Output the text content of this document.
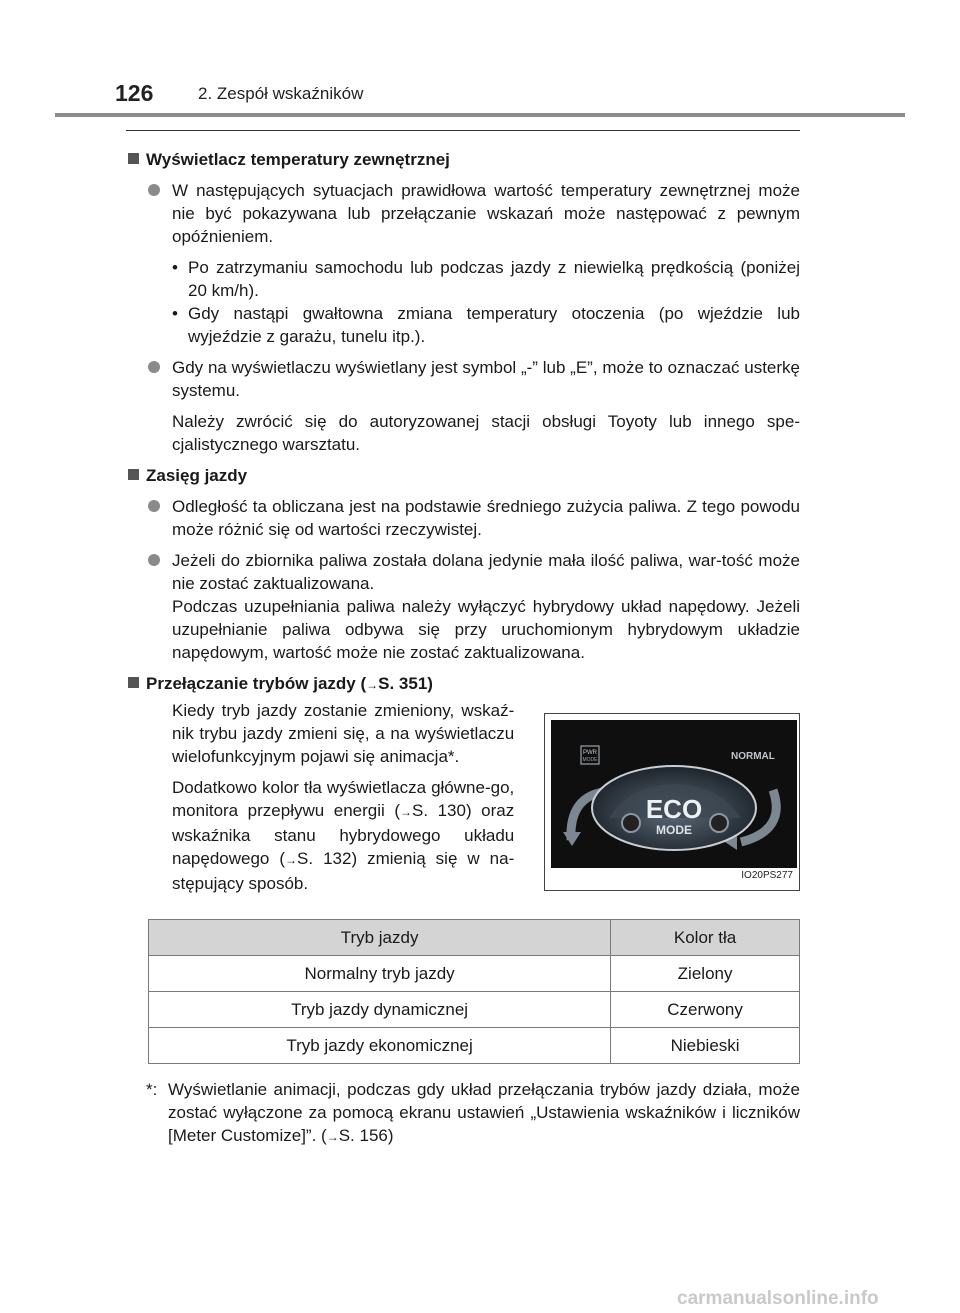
126	2. Zespół wskaźników
Wyświetlacz temperatury zewnętrznej
W następujących sytuacjach prawidłowa wartość temperatury zewnętrznej może nie być pokazywana lub przełączanie wskazań może następować z pewnym opóźnieniem.
• Po zatrzymaniu samochodu lub podczas jazdy z niewielką prędkością (poniżej 20 km/h).
• Gdy nastąpi gwałtowna zmiana temperatury otoczenia (po wjeździe lub wyjeździe z garażu, tunelu itp.).
Gdy na wyświetlaczu wyświetlany jest symbol „-” lub „E”, może to oznaczać usterkę systemu.
Należy zwrócić się do autoryzowanej stacji obsługi Toyoty lub innego spe-cjalistycznego warsztatu.
Zasięg jazdy
Odległość ta obliczana jest na podstawie średniego zużycia paliwa. Z tego powodu może różnić się od wartości rzeczywistej.
Jeżeli do zbiornika paliwa została dolana jedynie mała ilość paliwa, war-tość może nie zostać zaktualizowana.
Podczas uzupełniania paliwa należy wyłączyć hybrydowy układ napędowy. Jeżeli uzupełnianie paliwa odbywa się przy uruchomionym hybrydowym układzie napędowym, wartość może nie zostać zaktualizowana.
Przełączanie trybów jazdy (→S. 351)

Kiedy tryb jazdy zostanie zmieniony, wskaź-nik trybu jazdy zmieni się, a na wyświetlaczu wielofunkcyjnym pojawi się animacja*.

Dodatkowo kolor tła wyświetlacza główne-go, monitora przepływu energii (→S. 130) oraz wskaźnika stanu hybrydowego układu napędowego (→S. 132) zmienią się w na-stępujący sposób.

PWR
MODE	NORMAL
ECO
MODE
IO20PS277
Tryb jazdy	Kolor tła
Normalny tryb jazdy	Zielony
Tryb jazdy dynamicznej	Czerwony
Tryb jazdy ekonomicznej	Niebieski
*: Wyświetlanie animacji, podczas gdy układ przełączania trybów jazdy działa, może zostać wyłączone za pomocą ekranu ustawień „Ustawienia wskaźników i liczników [Meter Customize]”. (→S. 156)
carmanualsonline.info
